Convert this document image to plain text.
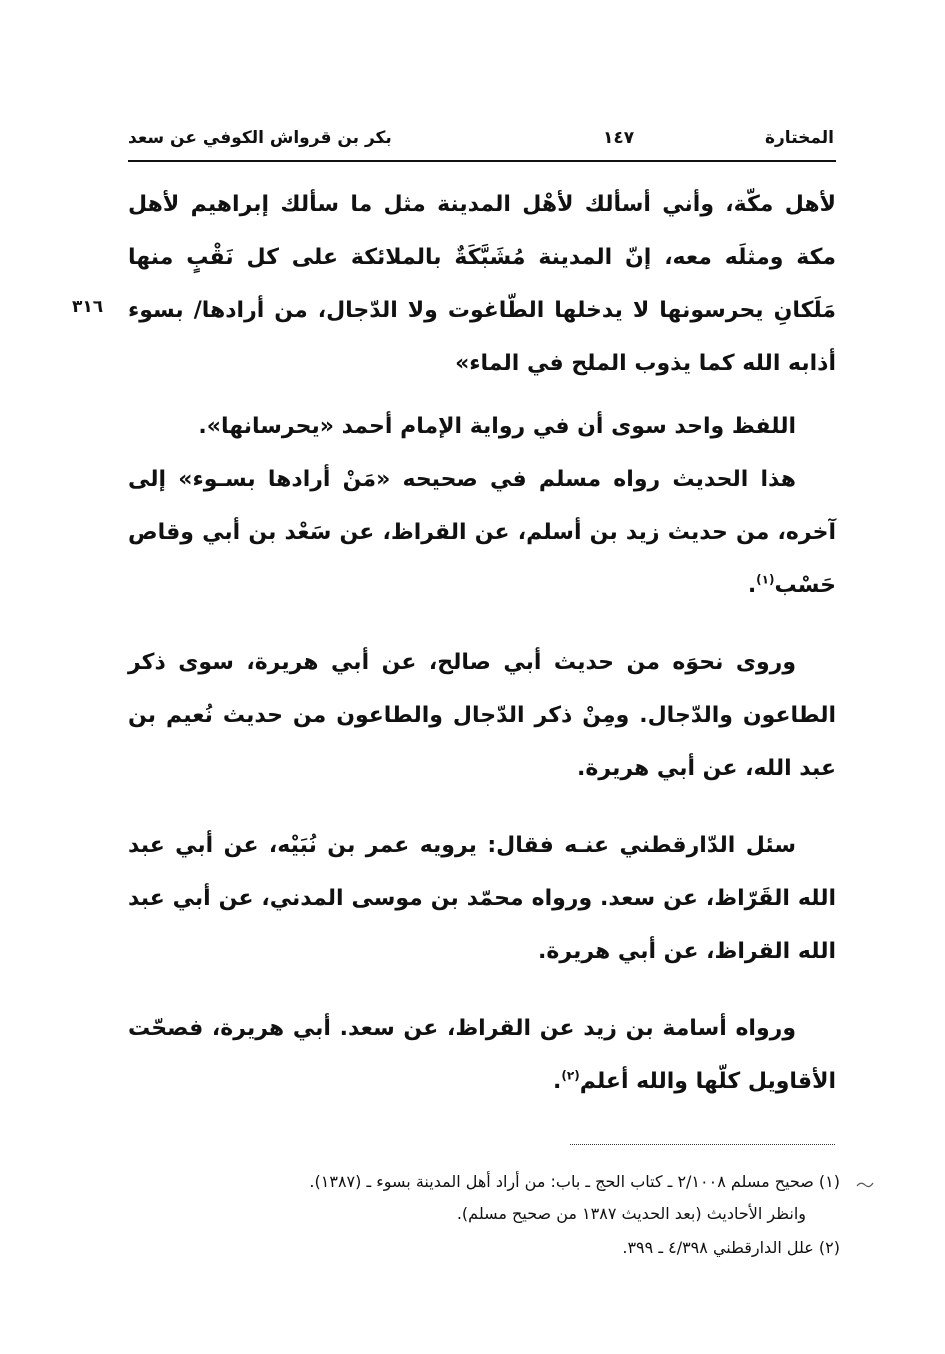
المختارة
١٤٧
بكر بن قرواش الكوفي عن سعد
٣١٦

لأهل مكّة، وأني أسألك لأهْل المدينة مثل ما سألك إبراهيم لأهل مكة ومثلَه معه، إنّ المدينة مُشَبَّكَةٌ بالملائكة على كل نَقْبٍ منها مَلَكانِ يحرسونها لا يدخلها الطّاغوت ولا الدّجال، من أرادها/ بسوء أذابه الله كما يذوب الملح في الماء»

اللفظ واحد سوى أن في رواية الإمام أحمد «يحرسانها».

هذا الحديث رواه مسلم في صحيحه «مَنْ أرادها بسـوء» إلى آخره، من حديث زيد بن أسلم، عن القراظ، عن سَعْد بن أبي وقاص حَسْب$^{(١)}$.

وروى نحوَه من حديث أبي صالح، عن أبي هريرة، سوى ذكر الطاعون والدّجال. ومِنْ ذكر الدّجال والطاعون من حديث نُعيم بن عبد الله، عن أبي هريرة.

سئل الدّارقطني عنـه فقال: يرويه عمر بن نُبَيْه، عن أبي عبد الله القَرّاظ، عن سعد. ورواه محمّد بن موسى المدني، عن أبي عبد الله القراظ، عن أبي هريرة.

ورواه أسامة بن زيد عن القراظ، عن سعد. أبي هريرة، فصحّت الأقاويل كلّها والله أعلم$^{(٢)}$.

(١) صحيح مسلم ٢/١٠٠٨ ـ كتاب الحج ـ باب: من أراد أهل المدينة بسوء ـ (١٣٨٧).

وانظر الأحاديث (بعد الحديث ١٣٨٧ من صحيح مسلم).

(٢) علل الدارقطني ٤/٣٩٨ ـ ٣٩٩.
